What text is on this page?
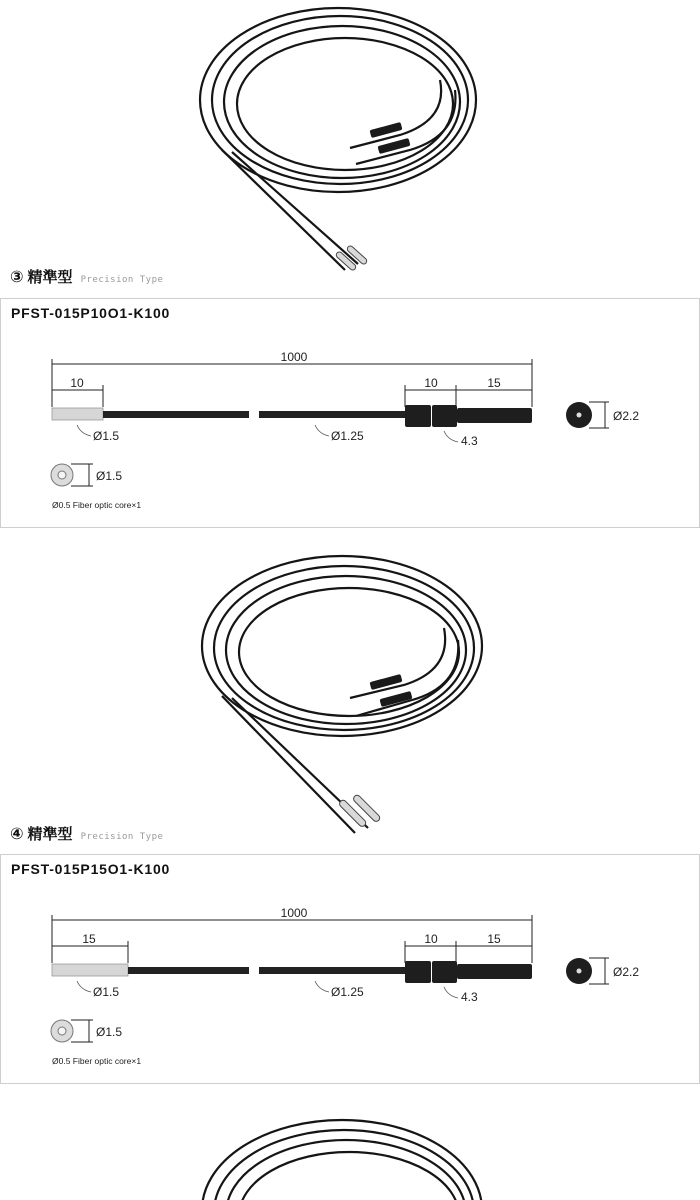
③ 精準型 Precision Type
PFST-015P10O1-K100
1000
10	10	15
Ø1.5	Ø1.25	4.3
Ø2.2
Ø1.5
Ø0.5 Fiber optic core×1
④ 精準型 Precision Type
PFST-015P15O1-K100
1000
15	10	15
Ø1.5	Ø1.25	4.3
Ø2.2
Ø1.5
Ø0.5 Fiber optic core×1
